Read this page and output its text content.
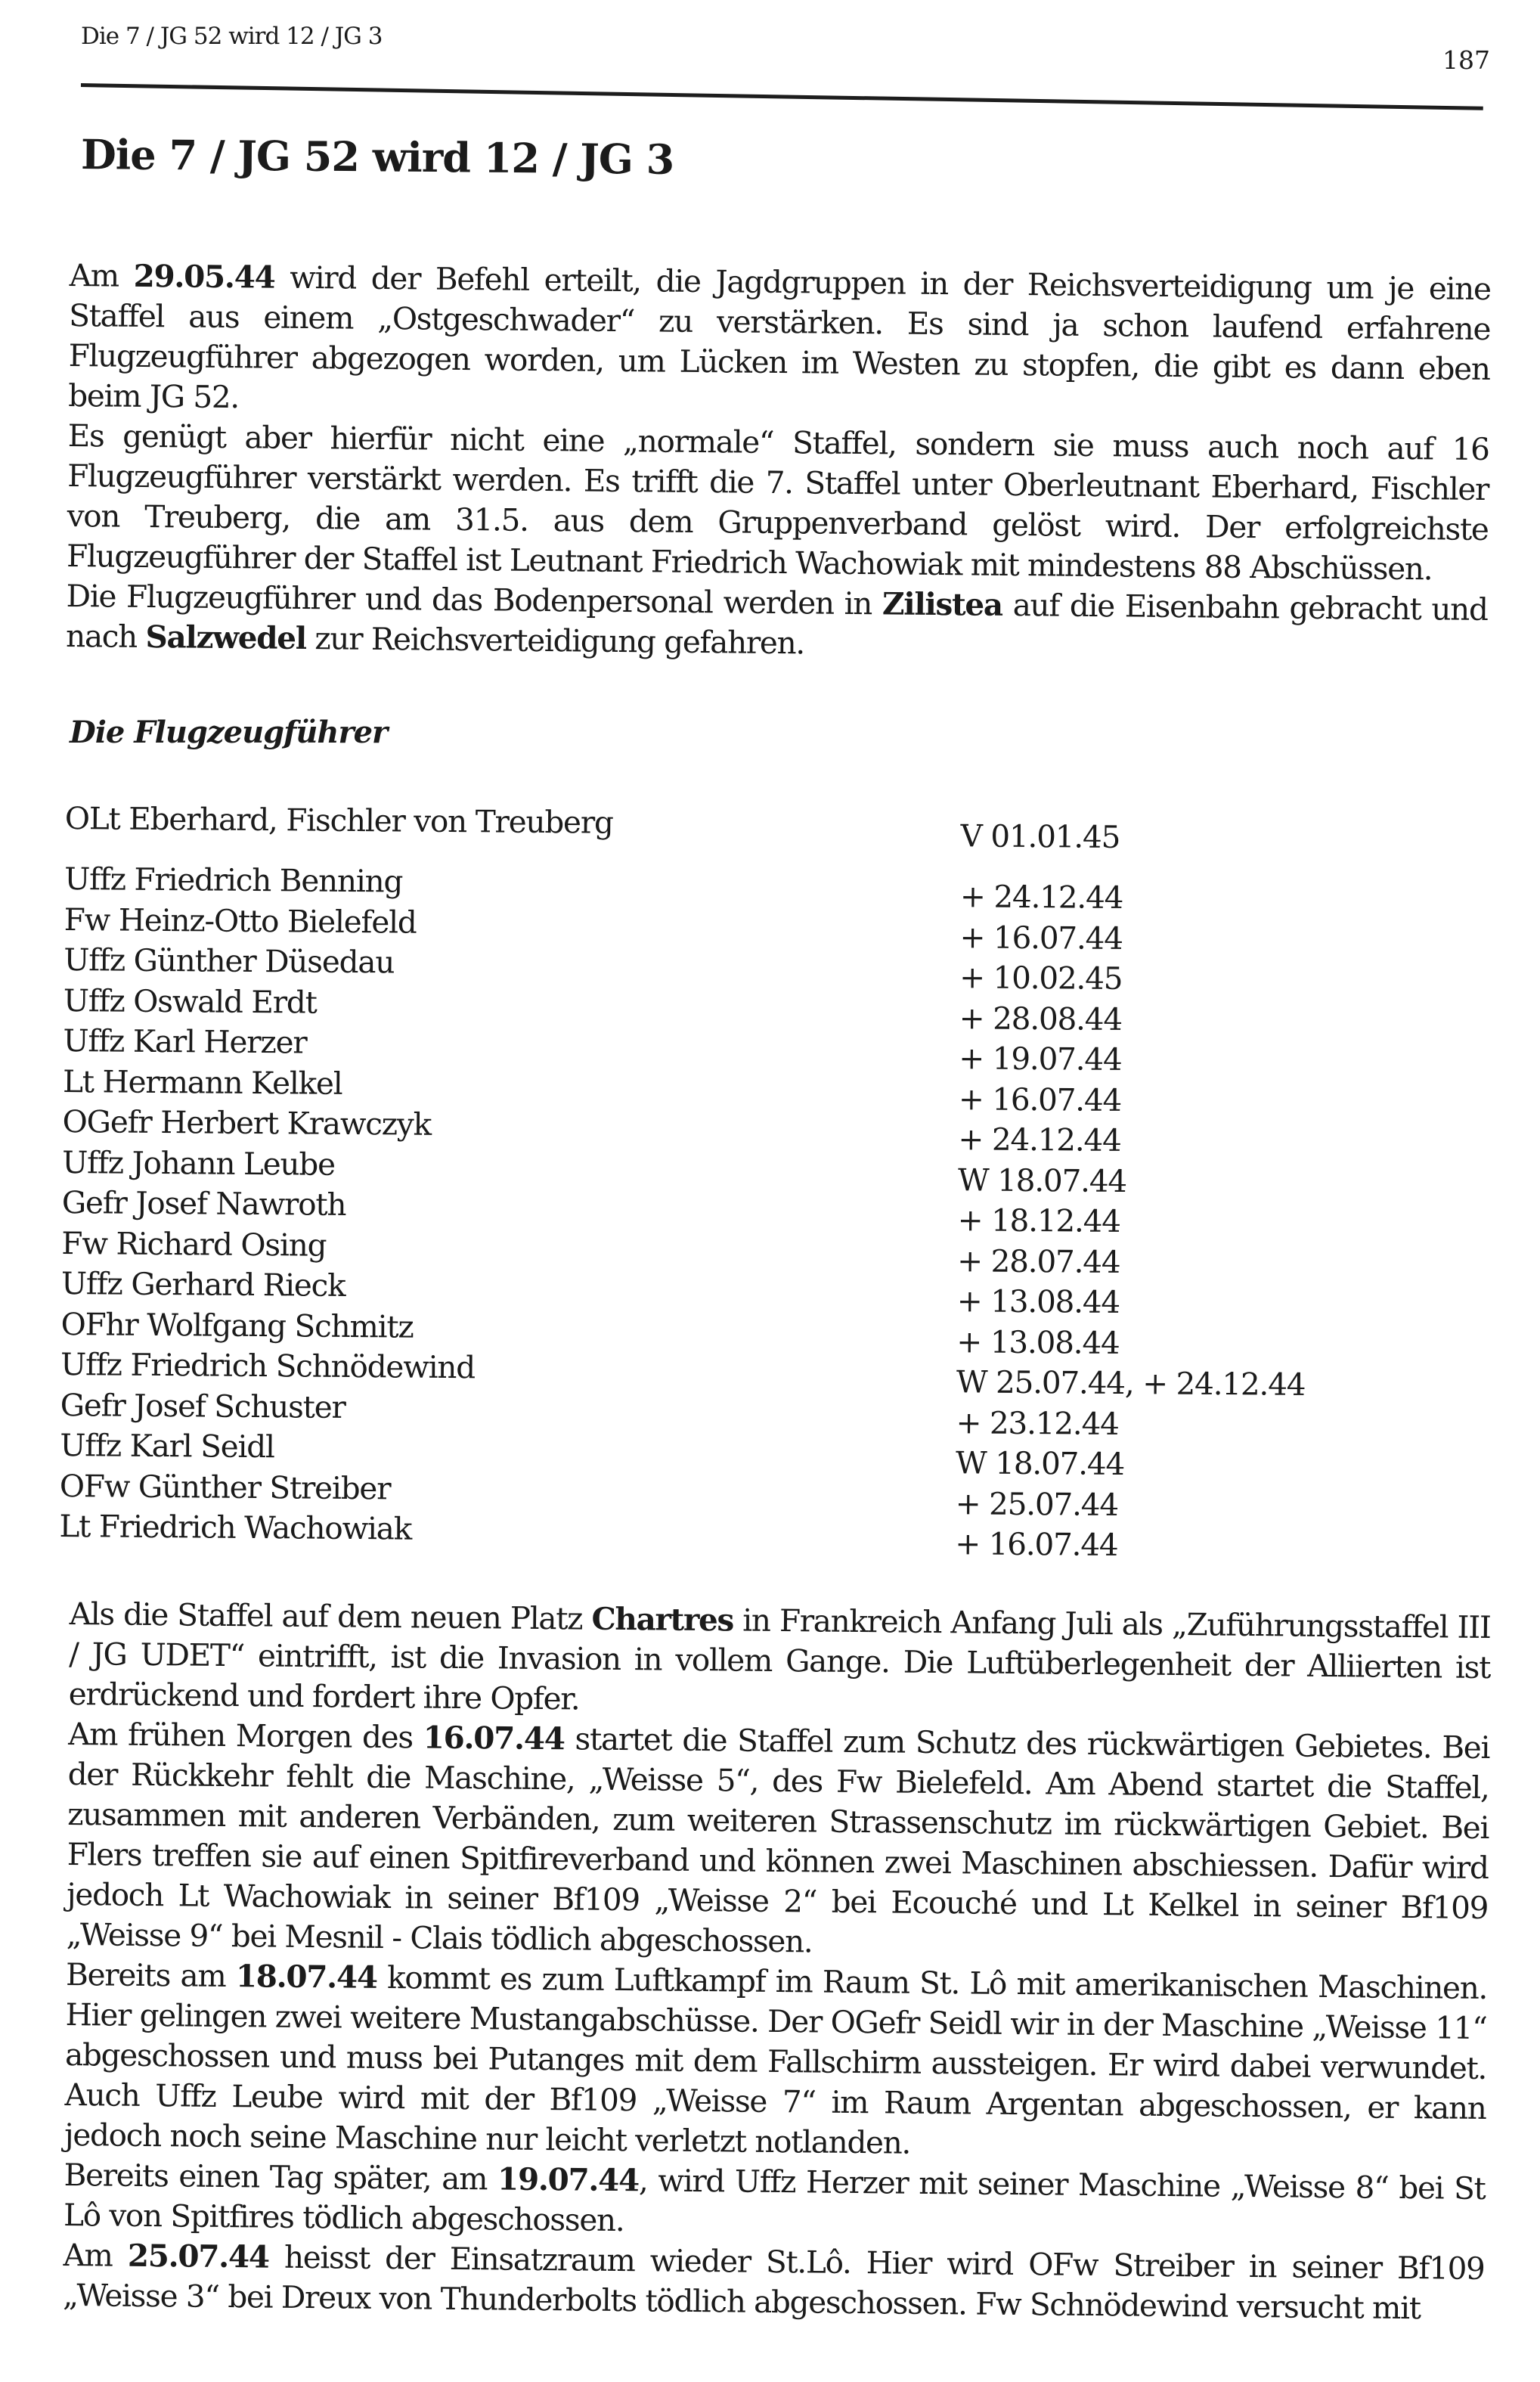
Die 7 / JG 52 wird 12 / JG 3
187
Die 7 / JG 52 wird 12 / JG 3

Am 29.05.44 wird der Befehl erteilt, die Jagdgruppen in der Reichsverteidigung um je eine Staffel aus einem „Ostgeschwader“ zu verstärken. Es sind ja schon laufend erfahrene Flugzeugführer abgezogen worden, um Lücken im Westen zu stopfen, die gibt es dann eben beim JG 52.

Es genügt aber hierfür nicht eine „normale“ Staffel, sondern sie muss auch noch auf 16 Flugzeugführer verstärkt werden. Es trifft die 7. Staffel unter Oberleutnant Eberhard, Fischler von Treuberg, die am 31.5. aus dem Gruppenverband gelöst wird. Der erfolgreichste Flugzeugführer der Staffel ist Leutnant Friedrich Wachowiak mit mindestens 88 Abschüssen.

Die Flugzeugführer und das Bodenpersonal werden in Zilistea auf die Eisenbahn gebracht und nach Salzwedel zur Reichsverteidigung gefahren.

Die Flugzeugführer
OLt Eberhard, Fischler von Treuberg	V 01.01.45
Uffz Friedrich Benning	+ 24.12.44
Fw Heinz-Otto Bielefeld	+ 16.07.44
Uffz Günther Düsedau	+ 10.02.45
Uffz Oswald Erdt	+ 28.08.44
Uffz Karl Herzer	+ 19.07.44
Lt Hermann Kelkel	+ 16.07.44
OGefr Herbert Krawczyk	+ 24.12.44
Uffz Johann Leube	W 18.07.44
Gefr Josef Nawroth	+ 18.12.44
Fw Richard Osing	+ 28.07.44
Uffz Gerhard Rieck	+ 13.08.44
OFhr Wolfgang Schmitz	+ 13.08.44
Uffz Friedrich Schnödewind	W 25.07.44, + 24.12.44
Gefr Josef Schuster	+ 23.12.44
Uffz Karl Seidl	W 18.07.44
OFw Günther Streiber	+ 25.07.44
Lt Friedrich Wachowiak	+ 16.07.44

Als die Staffel auf dem neuen Platz Chartres in Frankreich Anfang Juli als „Zuführungsstaffel III / JG UDET“ eintrifft, ist die Invasion in vollem Gange. Die Luftüberlegenheit der Alliierten ist erdrückend und fordert ihre Opfer.

Am frühen Morgen des 16.07.44 startet die Staffel zum Schutz des rückwärtigen Gebietes. Bei der Rückkehr fehlt die Maschine, „Weisse 5“, des Fw Bielefeld. Am Abend startet die Staffel, zusammen mit anderen Verbänden, zum weiteren Strassenschutz im rückwärtigen Gebiet. Bei Flers treffen sie auf einen Spitfireverband und können zwei Maschinen abschiessen. Dafür wird jedoch Lt Wachowiak in seiner Bf109 „Weisse 2“ bei Ecouché und Lt Kelkel in seiner Bf109 „Weisse 9“ bei Mesnil - Clais tödlich abgeschossen.

Bereits am 18.07.44 kommt es zum Luftkampf im Raum St. Lô mit amerikanischen Maschinen. Hier gelingen zwei weitere Mustangabschüsse. Der OGefr Seidl wir in der Maschine „Weisse 11“ abgeschossen und muss bei Putanges mit dem Fallschirm aussteigen. Er wird dabei verwundet. Auch Uffz Leube wird mit der Bf109 „Weisse 7“ im Raum Argentan abgeschossen, er kann jedoch noch seine Maschine nur leicht verletzt notlanden.

Bereits einen Tag später, am 19.07.44, wird Uffz Herzer mit seiner Maschine „Weisse 8“ bei St Lô von Spitfires tödlich abgeschossen.

Am 25.07.44 heisst der Einsatzraum wieder St.Lô. Hier wird OFw Streiber in seiner Bf109 „Weisse 3“ bei Dreux von Thunderbolts tödlich abgeschossen. Fw Schnödewind versucht mit
